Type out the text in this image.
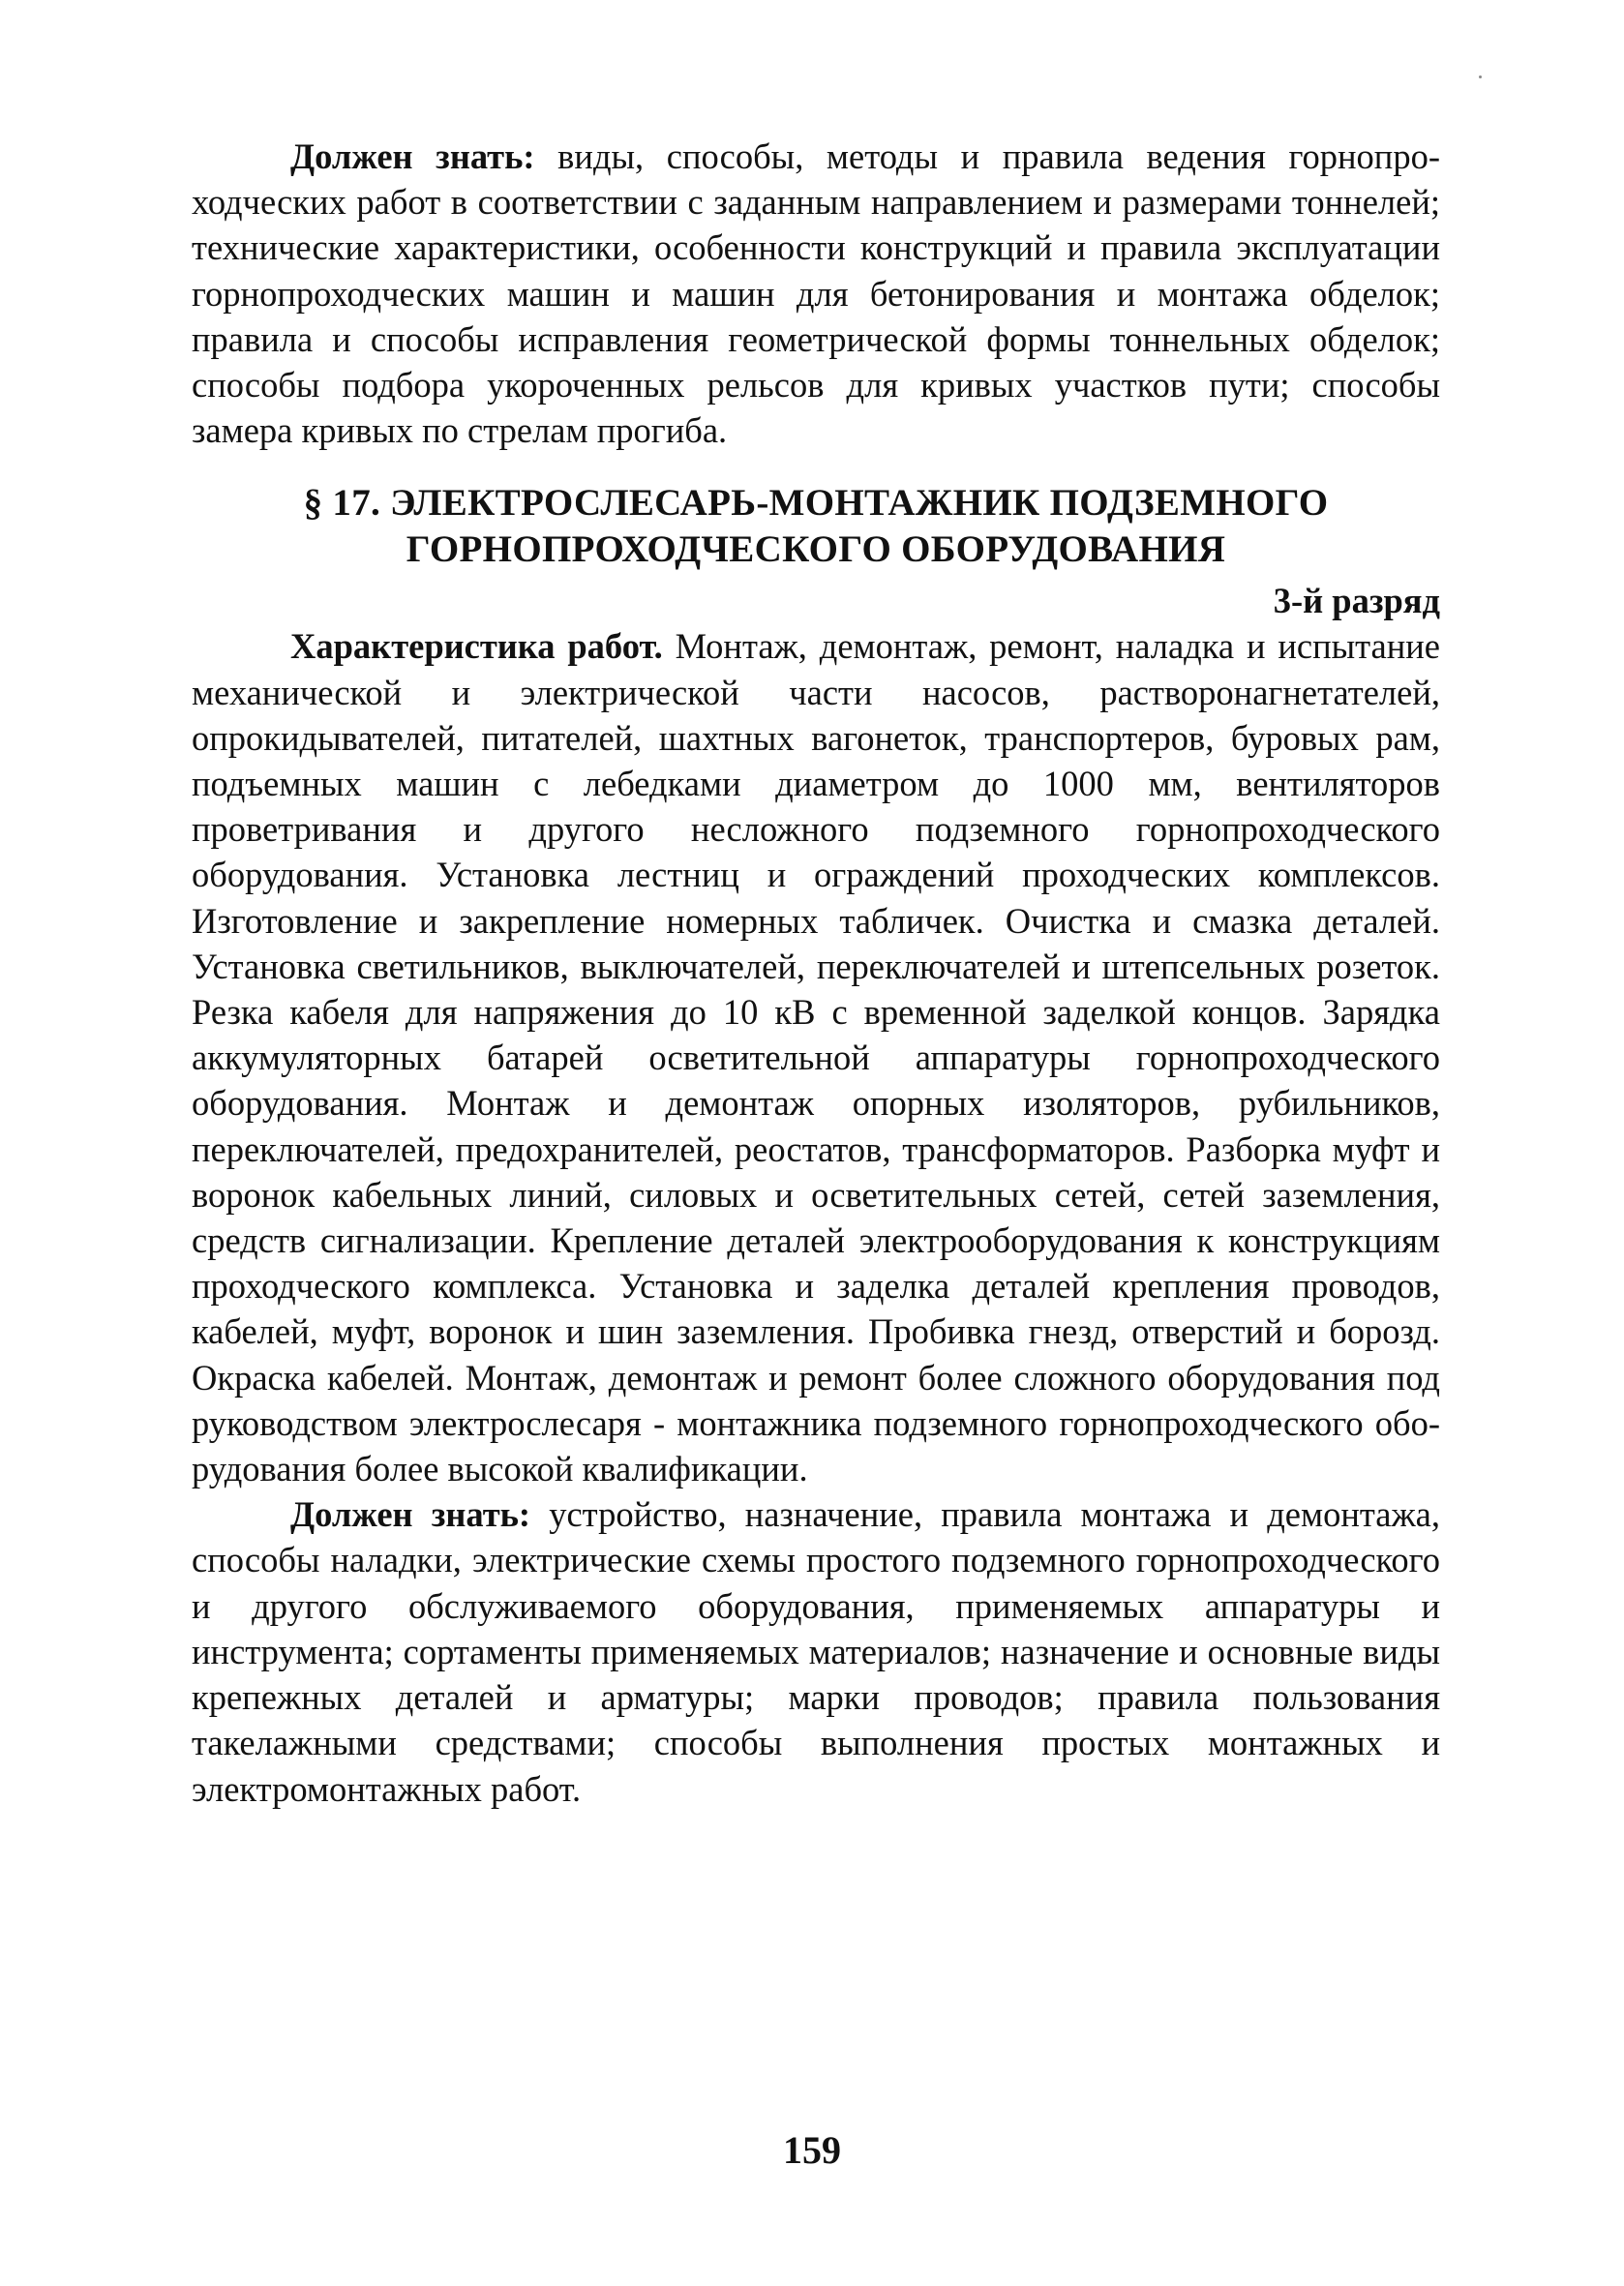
Должен знать: виды, способы, методы и правила ведения горнопроходческих работ в соответствии с заданным направлением и размерами тоннелей; технические характеристики, особенности конструкций и правила эксплуатации горнопроходческих машин и машин для бетонирования и монтажа обделок; правила и способы исправления геометрической формы тоннельных обделок; способы подбора укороченных рельсов для кривых участков пути; способы замера кривых по стрелам прогиба.

§ 17. ЭЛЕКТРОСЛЕСАРЬ-МОНТАЖНИК ПОДЗЕМНОГО
ГОРНОПРОХОДЧЕСКОГО ОБОРУДОВАНИЯ

3-й разряд

Характеристика работ. Монтаж, демонтаж, ремонт, наладка и испытание механической и электрической части насосов, растворонагнетателей, опрокидывателей, питателей, шахтных вагонеток, транспортеров, буровых рам, подъемных машин с лебедками диаметром до 1000 мм, вентиляторов проветривания и другого несложного подземного горнопроходческого оборудования. Установка лестниц и ограждений проходческих комплексов. Изготовление и закрепление номерных табличек. Очистка и смазка деталей. Установка светильников, выключателей, переключателей и штепсельных розеток. Резка кабеля для напряжения до 10 кВ с временной заделкой концов. Зарядка аккумуляторных батарей осветительной аппаратуры горнопроходческого оборудования. Монтаж и демонтаж опорных изоляторов, рубильников, переключателей, предохранителей, реостатов, трансформаторов. Разборка муфт и воронок кабельных линий, силовых и осветительных сетей, сетей заземления, средств сигнализации. Крепление деталей электрооборудования к конструкциям проходческого комплекса. Установка и заделка деталей крепления проводов, кабелей, муфт, воронок и шин заземления. Пробивка гнезд, отверстий и борозд. Окраска кабелей. Монтаж, демонтаж и ремонт более сложного оборудования под руководством электрослесаря - монтажника подземного горнопроходческого оборудования более высокой квалификации.

Должен знать: устройство, назначение, правила монтажа и демонтажа, способы наладки, электрические схемы простого подземного горнопроходческого и другого обслуживаемого оборудования, применяемых аппаратуры и инструмента; сортаменты применяемых материалов; назначение и основные виды крепежных деталей и арматуры; марки проводов; правила пользования такелажными средствами; способы выполнения простых монтажных и электромонтажных работ.

159
